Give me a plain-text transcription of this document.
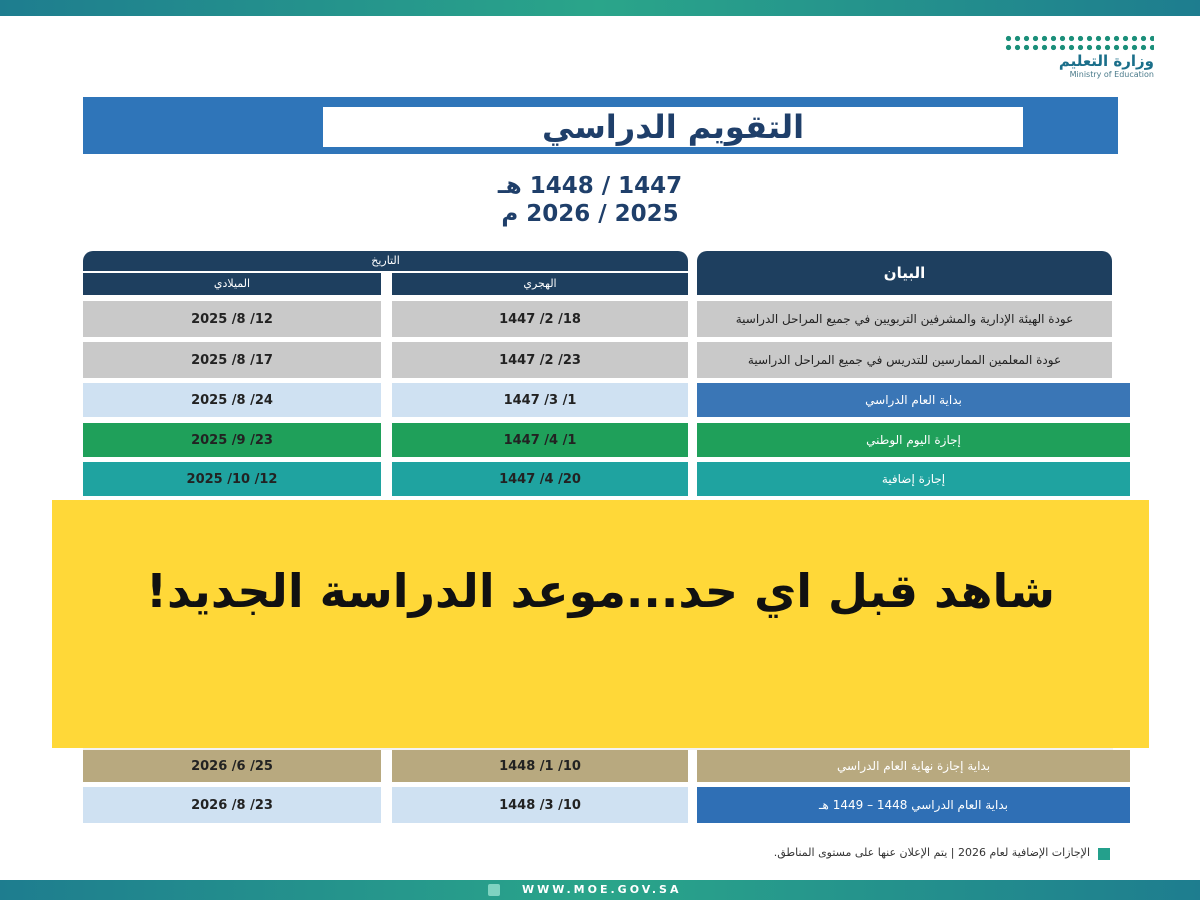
وزارة التعليم
Ministry of Education
التقويم الدراسي
1447 / 1448 هـ
2025 / 2026 م
البيان
التاريخ
الهجري
الميلادي
عودة الهيئة الإدارية والمشرفين التربويين في جميع المراحل الدراسية
18/ 2/ 1447
12/ 8/ 2025
عودة المعلمين الممارسين للتدريس في جميع المراحل الدراسية
23/ 2/ 1447
17/ 8/ 2025
بداية العام الدراسي
1/ 3/ 1447
24/ 8/ 2025
إجازة اليوم الوطني
1/ 4/ 1447
23/ 9/ 2025
إجازة إضافية
20/ 4/ 1447
12/ 10/ 2025
بداية إجازة نهاية العام الدراسي
10/ 1/ 1448
25/ 6/ 2026
بداية العام الدراسي 1448 – 1449 هـ
10/ 3/ 1448
23/ 8/ 2026
شاهد قبل اي حد...موعد الدراسة الجديد!
الإجازات الإضافية لعام 2026 | يتم الإعلان عنها على مستوى المناطق.
WWW.MOE.GOV.SA
